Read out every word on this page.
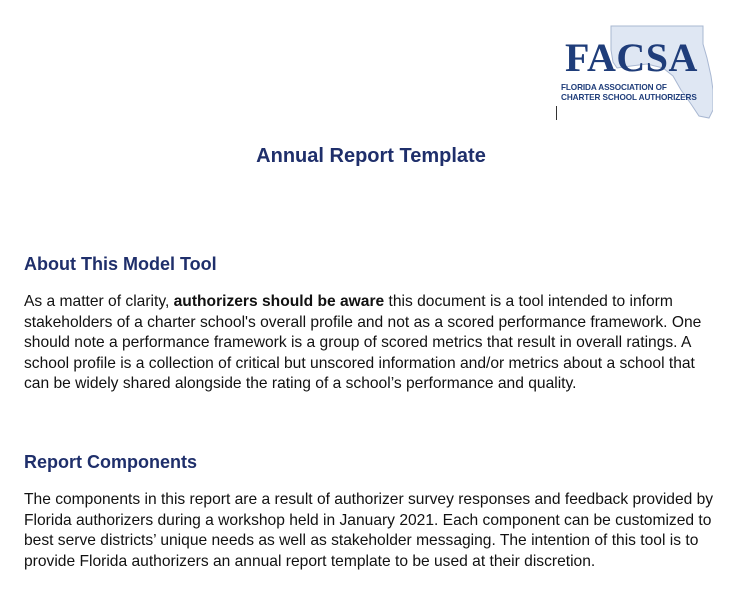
FACSA
FLORIDA ASSOCIATION OF
CHARTER SCHOOL AUTHORIZERS
Annual Report Template
About This Model Tool

As a matter of clarity, authorizers should be aware this document is a tool intended to inform stakeholders of a charter school's overall profile and not as a scored performance framework. One should note a performance framework is a group of scored metrics that result in overall ratings. A school profile is a collection of critical but unscored information and/or metrics about a school that can be widely shared alongside the rating of a school’s performance and quality.

Report Components

The components in this report are a result of authorizer survey responses and feedback provided by Florida authorizers during a workshop held in January 2021. Each component can be customized to best serve districts’ unique needs as well as stakeholder messaging. The intention of this tool is to provide Florida authorizers an annual report template to be used at their discretion.
